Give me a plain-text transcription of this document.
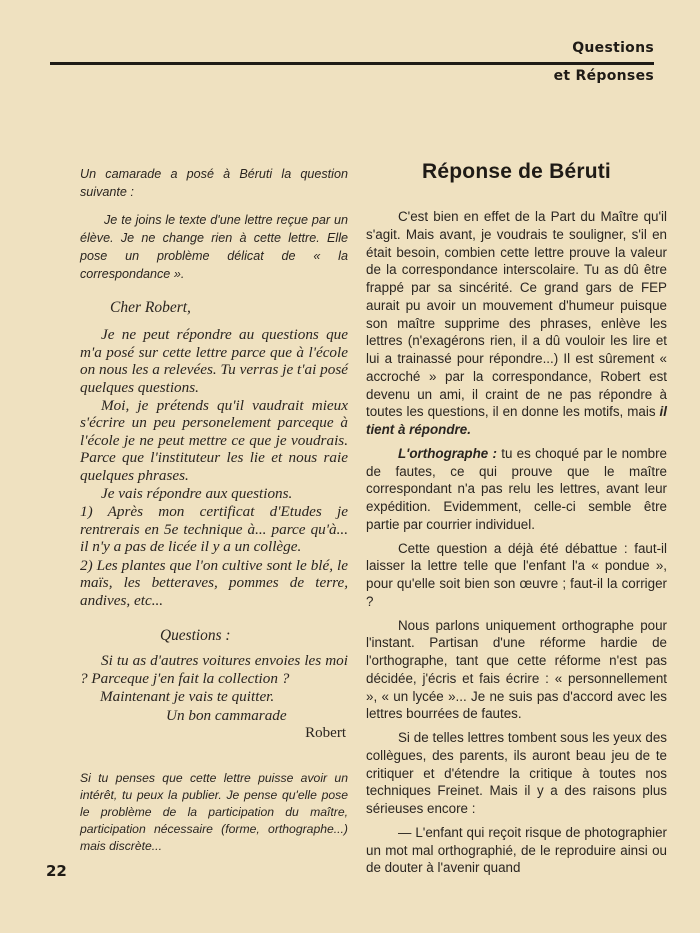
Questions
et Réponses

Un camarade a posé à Béruti la question suivante :

Je te joins le texte d'une lettre reçue par un élève. Je ne change rien à cette lettre. Elle pose un problème délicat de « la correspondance ».

Cher Robert,

Je ne peut répondre au questions que m'a posé sur cette lettre parce que à l'école on nous les a relevées. Tu verras je t'ai posé quelques questions.

Moi, je prétends qu'il vaudrait mieux s'écrire un peu personelement parceque à l'école je ne peut mettre ce que je voudrais. Parce que l'instituteur les lie et nous raie quelques phrases.

Je vais répondre aux questions.

1) Après mon certificat d'Etudes je rentrerais en 5e technique à... parce qu'à... il n'y a pas de licée il y a un collège.

2) Les plantes que l'on cultive sont le blé, le maïs, les betteraves, pommes de terre, andives, etc...

Questions :

Si tu as d'autres voitures envoies les moi ? Parceque j'en fait la collection ?

Maintenant je vais te quitter.

Un bon cammarade

Robert

Si tu penses que cette lettre puisse avoir un intérêt, tu peux la publier. Je pense qu'elle pose le problème de la participation du maître, participation nécessaire (forme, orthographe...) mais discrète...

Réponse de Béruti

C'est bien en effet de la Part du Maître qu'il s'agit. Mais avant, je voudrais te souligner, s'il en était besoin, combien cette lettre prouve la valeur de la correspondance interscolaire. Tu as dû être frappé par sa sincérité. Ce grand gars de FEP aurait pu avoir un mouvement d'humeur puisque son maître supprime des phrases, enlève les lettres (n'exagérons rien, il a dû vouloir les lire et lui a trainassé pour répondre...) Il est sûrement « accroché » par la correspondance, Robert est devenu un ami, il craint de ne pas répondre à toutes les questions, il en donne les motifs, mais il tient à répondre.

L'orthographe : tu es choqué par le nombre de fautes, ce qui prouve que le maître correspondant n'a pas relu les lettres, avant leur expédition. Evidemment, celle-ci semble être partie par courrier individuel.

Cette question a déjà été débattue : faut-il laisser la lettre telle que l'enfant l'a « pondue », pour qu'elle soit bien son œuvre ; faut-il la corriger ?

Nous parlons uniquement orthographe pour l'instant. Partisan d'une réforme hardie de l'orthographe, tant que cette réforme n'est pas décidée, j'écris et fais écrire : « personnellement », « un lycée »... Je ne suis pas d'accord avec les lettres bourrées de fautes.

Si de telles lettres tombent sous les yeux des collègues, des parents, ils auront beau jeu de te critiquer et d'étendre la critique à toutes nos techniques Freinet. Mais il y a des raisons plus sérieuses encore :

— L'enfant qui reçoit risque de photographier un mot mal orthographié, de le reproduire ainsi ou de douter à l'avenir quand

22
